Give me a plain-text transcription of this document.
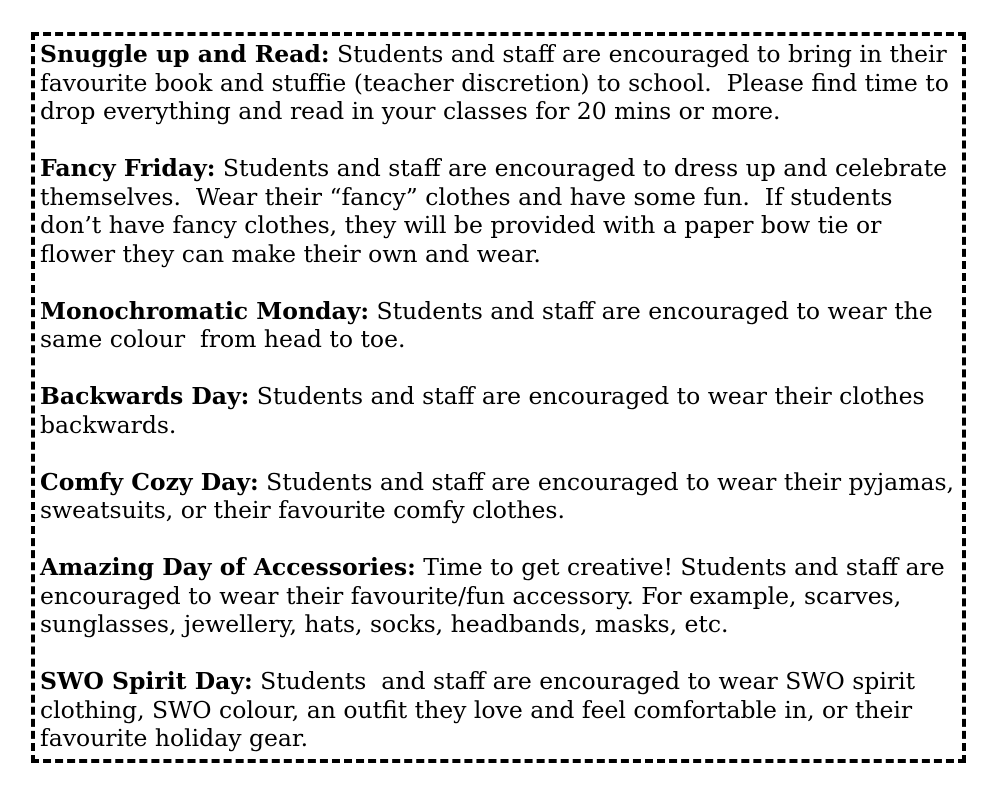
Snuggle up and Read: Students and staff are encouraged to bring in their favourite book and stuffie (teacher discretion) to school.  Please find time to drop everything and read in your classes for 20 mins or more.

Fancy Friday: Students and staff are encouraged to dress up and celebrate themselves.  Wear their “fancy” clothes and have some fun.  If students don’t have fancy clothes, they will be provided with a paper bow tie or flower they can make their own and wear.

Monochromatic Monday: Students and staff are encouraged to wear the same colour  from head to toe.

Backwards Day: Students and staff are encouraged to wear their clothes backwards.

Comfy Cozy Day: Students and staff are encouraged to wear their pyjamas, sweatsuits, or their favourite comfy clothes.

Amazing Day of Accessories: Time to get creative! Students and staff are encouraged to wear their favourite/fun accessory. For example, scarves, sunglasses, jewellery, hats, socks, headbands, masks, etc.

SWO Spirit Day: Students  and staff are encouraged to wear SWO spirit clothing, SWO colour, an outfit they love and feel comfortable in, or their favourite holiday gear.
